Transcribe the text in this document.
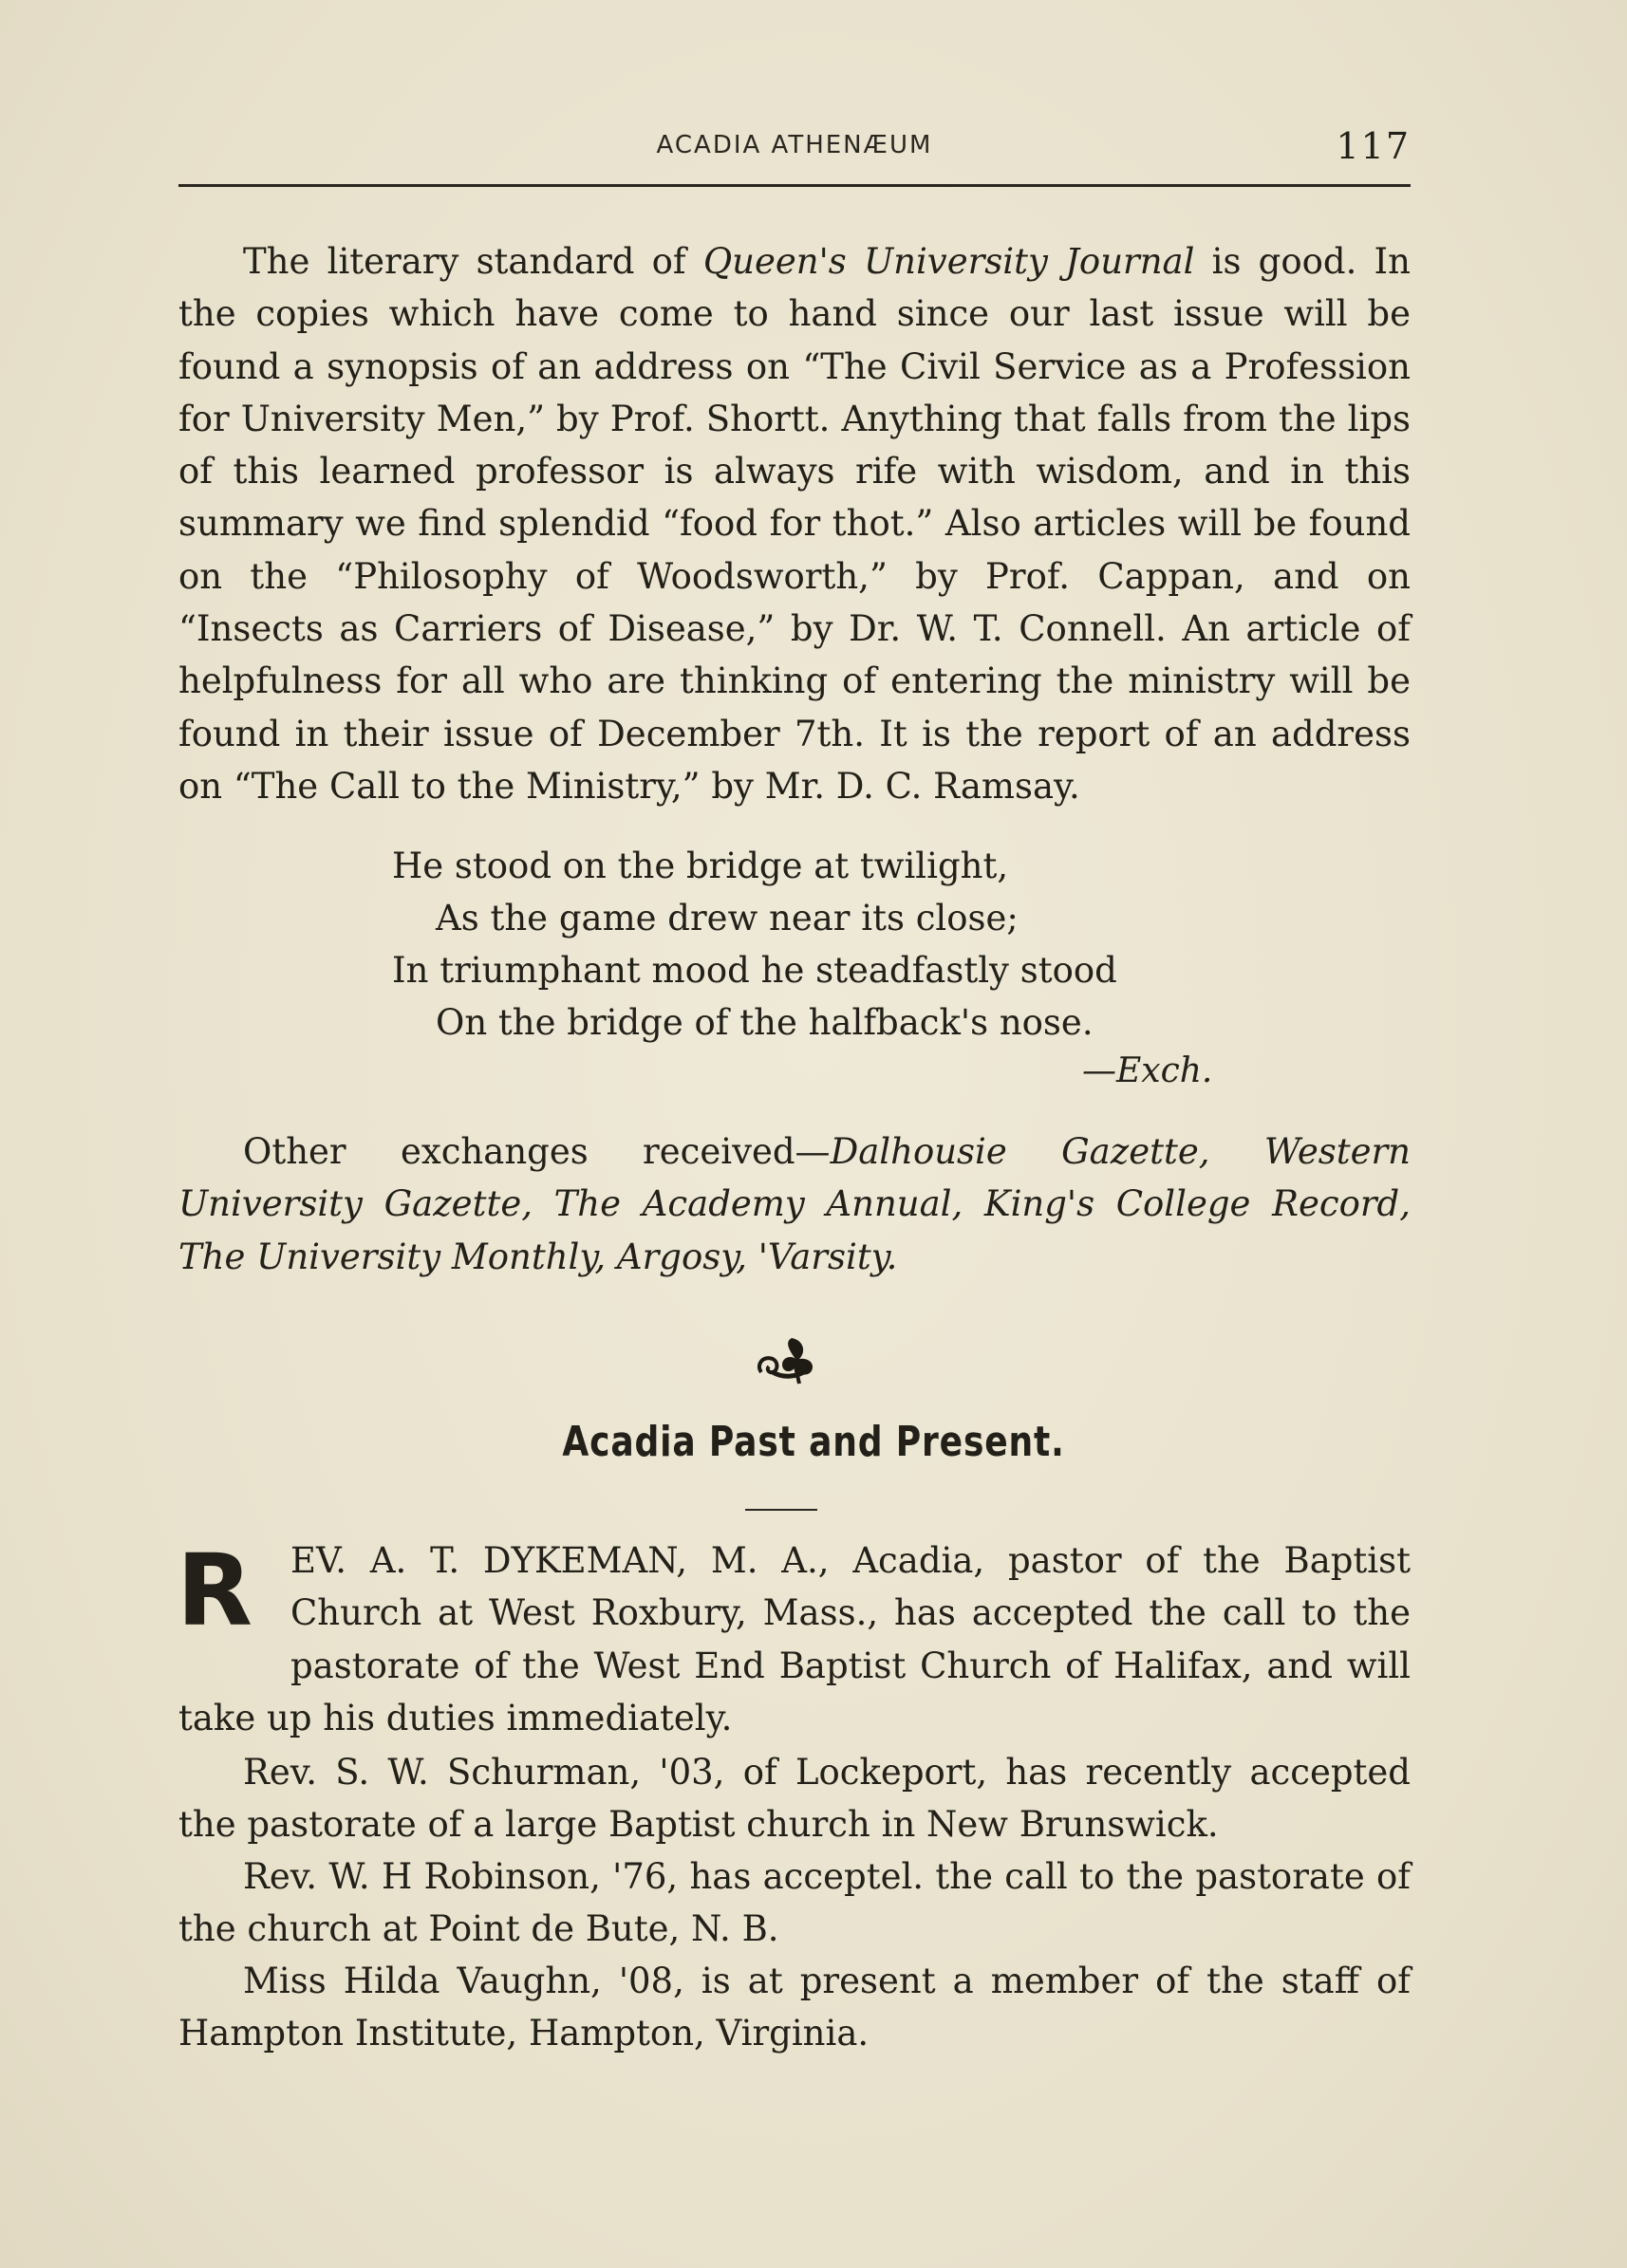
ACADIA ATHENÆUM	117
The literary standard of Queen's University Journal is good. In the copies which have come to hand since our last issue will be found a synopsis of an address on “The Civil Service as a Profession for University Men,” by Prof. Shortt. Anything that falls from the lips of this learned professor is always rife with wisdom, and in this summary we find splendid “food for thot.” Also articles will be found on the “Philosophy of Woodsworth,” by Prof. Cappan, and on “Insects as Carriers of Disease,” by Dr. W. T. Connell. An article of helpfulness for all who are thinking of entering the ministry will be found in their issue of December 7th. It is the report of an address on “The Call to the Ministry,” by Mr. D. C. Ramsay.
He stood on the bridge at twilight,
As the game drew near its close;
In triumphant mood he steadfastly stood
On the bridge of the halfback's nose.
—Exch.
Other exchanges received—Dalhousie Gazette, Western University Gazette, The Academy Annual, King's College Record, The University Monthly, Argosy, 'Varsity.
Acadia Past and Present.
R	EV. A. T. DYKEMAN, M. A., Acadia, pastor of the Baptist Church at West Roxbury, Mass., has accepted the call to the pastorate of the West End Baptist Church of Halifax, and will take up his duties immediately.
Rev. S. W. Schurman, '03, of Lockeport, has recently accepted the pastorate of a large Baptist church in New Brunswick.
Rev. W. H Robinson, '76, has acceptel. the call to the pastorate of the church at Point de Bute, N. B.
Miss Hilda Vaughn, '08, is at present a member of the staff of Hampton Institute, Hampton, Virginia.
